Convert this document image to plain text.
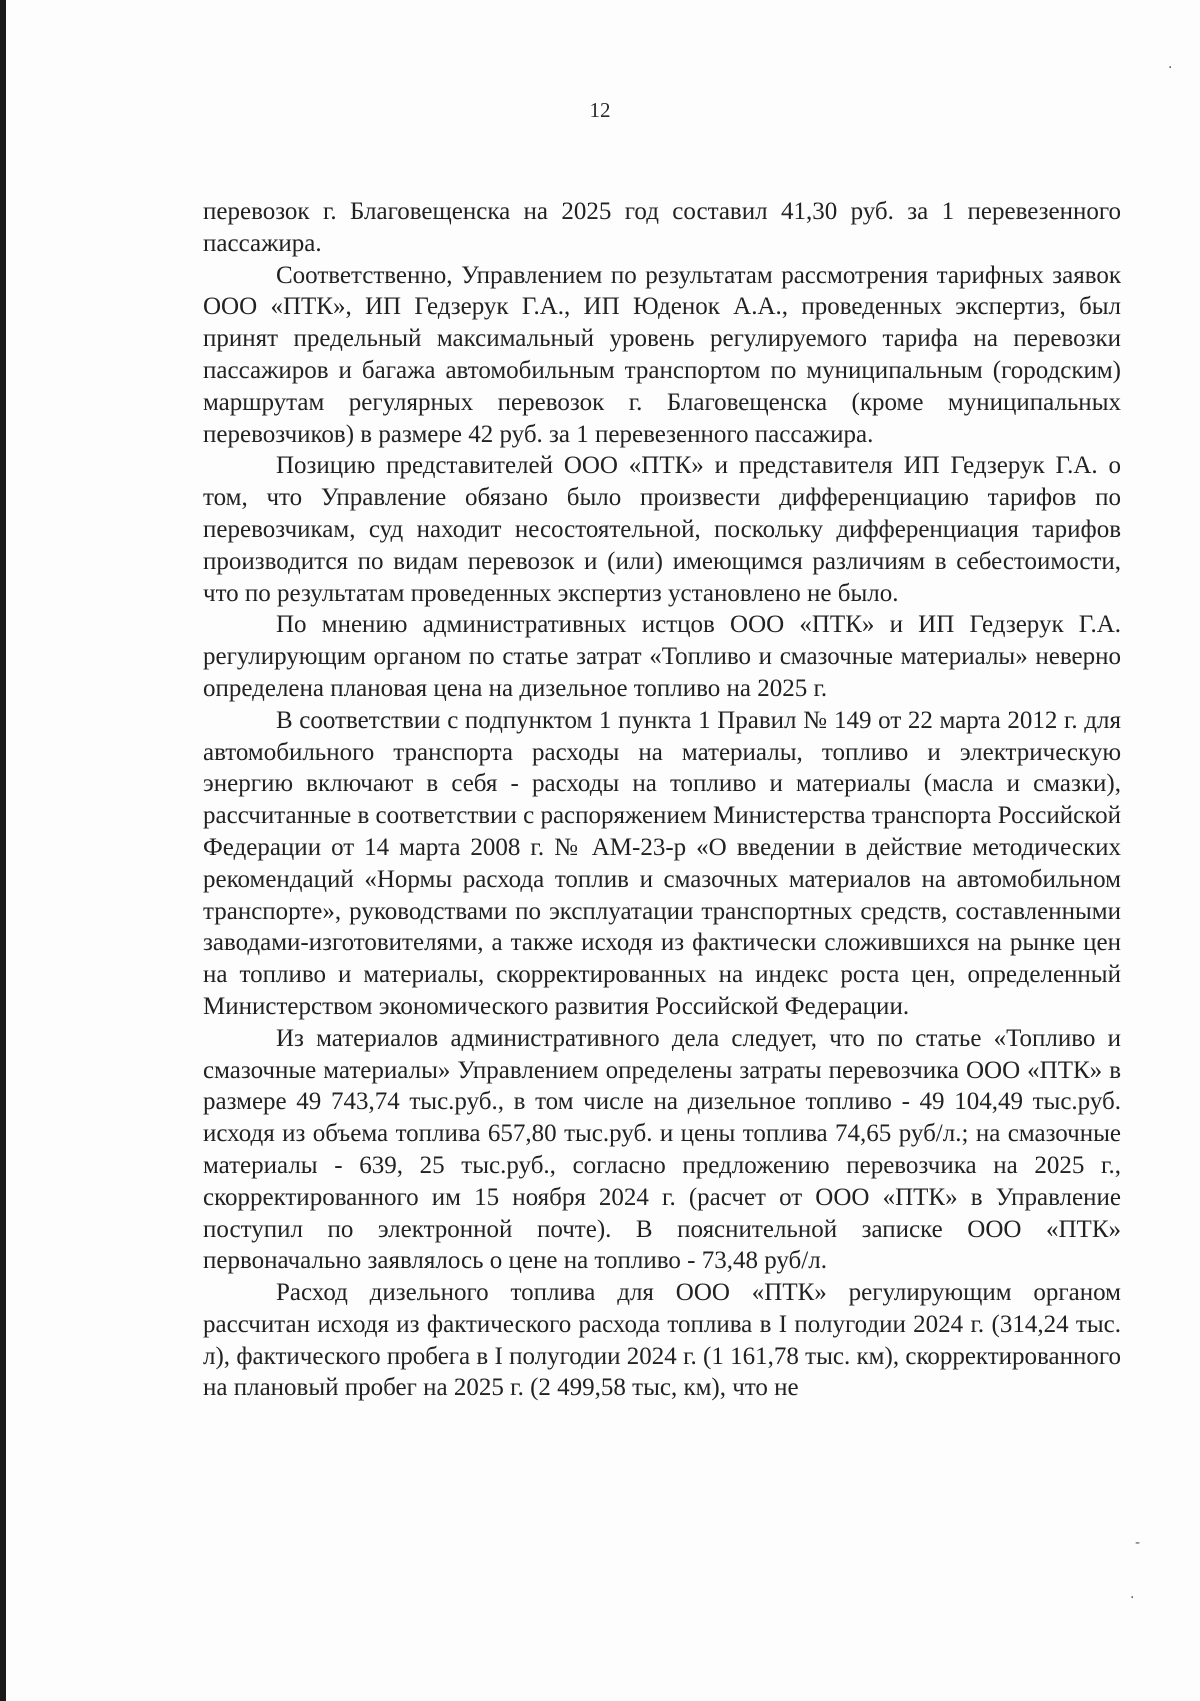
12

перевозок г. Благовещенска на 2025 год составил 41,30 руб. за 1 перевезенного пассажира.

Соответственно, Управлением по результатам рассмотрения тарифных заявок ООО «ПТК», ИП Гедзерук Г.А., ИП Юденок А.А., проведенных экспертиз, был принят предельный максимальный уровень регулируемого тарифа на перевозки пассажиров и багажа автомобильным транспортом по муниципальным (городским) маршрутам регулярных перевозок г. Благовещенска (кроме муниципальных перевозчиков) в размере 42 руб. за 1 перевезенного пассажира.

Позицию представителей ООО «ПТК» и представителя ИП Гедзерук Г.А. о том, что Управление обязано было произвести дифференциацию тарифов по перевозчикам, суд находит несостоятельной, поскольку дифференциация тарифов производится по видам перевозок и (или) имеющимся различиям в себестоимости, что по результатам проведенных экспертиз установлено не было.

По мнению административных истцов ООО «ПТК» и ИП Гедзерук Г.А. регулирующим органом по статье затрат «Топливо и смазочные материалы» неверно определена плановая цена на дизельное топливо на 2025 г.

В соответствии с подпунктом 1 пункта 1 Правил № 149 от 22 марта 2012 г. для автомобильного транспорта расходы на материалы, топливо и электрическую энергию включают в себя - расходы на топливо и материалы (масла и смазки), рассчитанные в соответствии с распоряжением Министерства транспорта Российской Федерации от 14 марта 2008 г. № АМ-23-р «О введении в действие методических рекомендаций «Нормы расхода топлив и смазочных материалов на автомобильном транспорте», руководствами по эксплуатации транспортных средств, составленными заводами-изготовителями, а также исходя из фактически сложившихся на рынке цен на топливо и материалы, скорректированных на индекс роста цен, определенный Министерством экономического развития Российской Федерации.

Из материалов административного дела следует, что по статье «Топливо и смазочные материалы» Управлением определены затраты перевозчика ООО «ПТК» в размере 49 743,74 тыс.руб., в том числе на дизельное топливо - 49 104,49 тыс.руб. исходя из объема топлива 657,80 тыс.руб. и цены топлива 74,65 руб/л.; на смазочные материалы - 639, 25 тыс.руб., согласно предложению перевозчика на 2025 г., скорректированного им 15 ноября 2024 г. (расчет от ООО «ПТК» в Управление поступил по электронной почте). В пояснительной записке ООО «ПТК» первоначально заявлялось о цене на топливо - 73,48 руб/л.

Расход дизельного топлива для ООО «ПТК» регулирующим органом рассчитан исходя из фактического расхода топлива в I полугодии 2024 г. (314,24 тыс. л), фактического пробега в I полугодии 2024 г. (1 161,78 тыс. км), скорректированного на плановый пробег на 2025 г. (2 499,58 тыс, км), что не

·
-
·
